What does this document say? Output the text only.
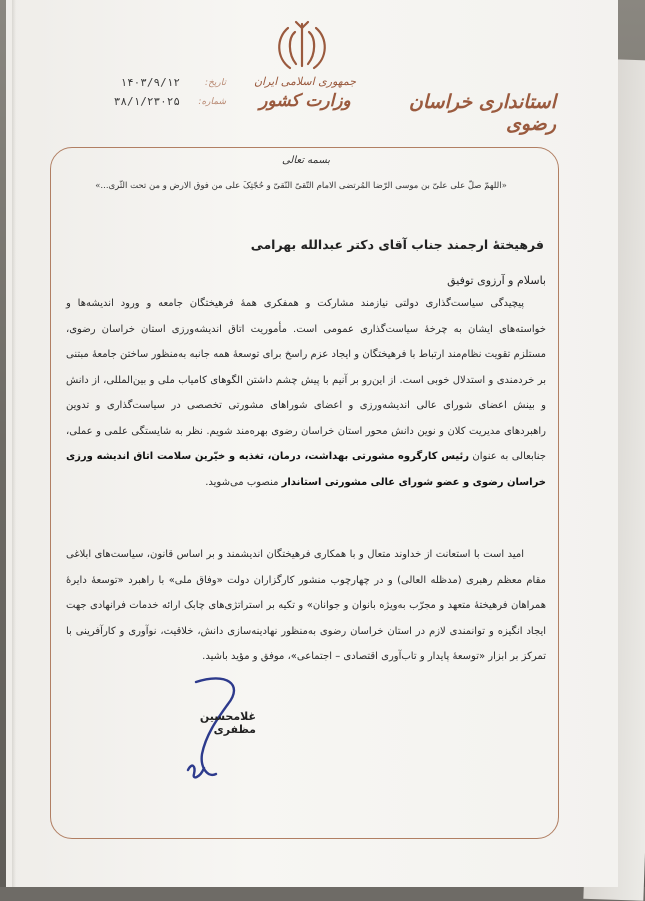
جمهوری اسلامی ایران
وزارت کشور	استانداری خراسان رضوی
تاریخ:
۱۴۰۳/۹/۱۲
شماره:
۳۸/۱/۲۳۰۲۵
بسمه تعالی
«اللهمّ صلّ علی علیّ بن موسی الرّضا المُرتضی الامام التّقیّ النّقیّ و حُجّتِکَ علی من فوق الارض و من تحت الثّری...»
فرهیختهٔ ارجمند جناب آقای دکتر عبدالله بهرامی
باسلام و آرزوی توفیق
پیچیدگی سیاست‌گذاری دولتی نیازمند مشارکت و همفکری همهٔ فرهیختگان جامعه و ورود اندیشه‌ها و خواسته‌های ایشان به چرخهٔ سیاست‌گذاری عمومی است. مأموریت اتاق اندیشه‌ورزی استان خراسان رضوی، مستلزم تقویت نظام‌مند ارتباط با فرهیختگان و ایجاد عزم راسخ برای توسعهٔ همه جانبه به‌منظور ساختن جامعهٔ مبتنی بر خردمندی و استدلال خوبی است. از این‌رو بر آنیم با پیش چشم داشتن الگوهای کامیاب ملی و بین‌المللی، از دانش و بینش اعضای شورای عالی اندیشه‌ورزی و اعضای شوراهای مشورتی تخصصی در سیاست‌گذاری و تدوین راهبردهای مدیریت کلان و نوین دانش محور استان خراسان رضوی بهره‌مند شویم. نظر به شایستگی علمی و عملی، جنابعالی به عنوان رئیس کارگروه مشورتی بهداشت، درمان، تغذیه و خیّرین سلامت اتاق اندیشه ورزی خراسان رضوی و عضو شورای عالی مشورتی استاندار منصوب می‌شوید.
امید است با استعانت از خداوند متعال و با همکاری فرهیختگان اندیشمند و بر اساس قانون، سیاست‌های ابلاغی مقام معظم رهبری (مدظله العالی) و در چهارچوب منشور کارگزاران دولت «وفاق ملی» با راهبرد «توسعهٔ دایرهٔ همراهان فرهیختهٔ متعهد و مجرّب به‌ویژه بانوان و جوانان» و تکیه بر استراتژی‌های چابک ارائه خدمات فرانهادی جهت ایجاد انگیزه و توانمندی لازم در استان خراسان رضوی به‌منظور نهادینه‌سازی دانش، خلاقیت، نوآوری و کارآفرینی با تمرکز بر ابزار «توسعهٔ پایدار و تاب‌آوری اقتصادی – اجتماعی»، موفق و مؤید باشید.
غلامحسین مظفری
